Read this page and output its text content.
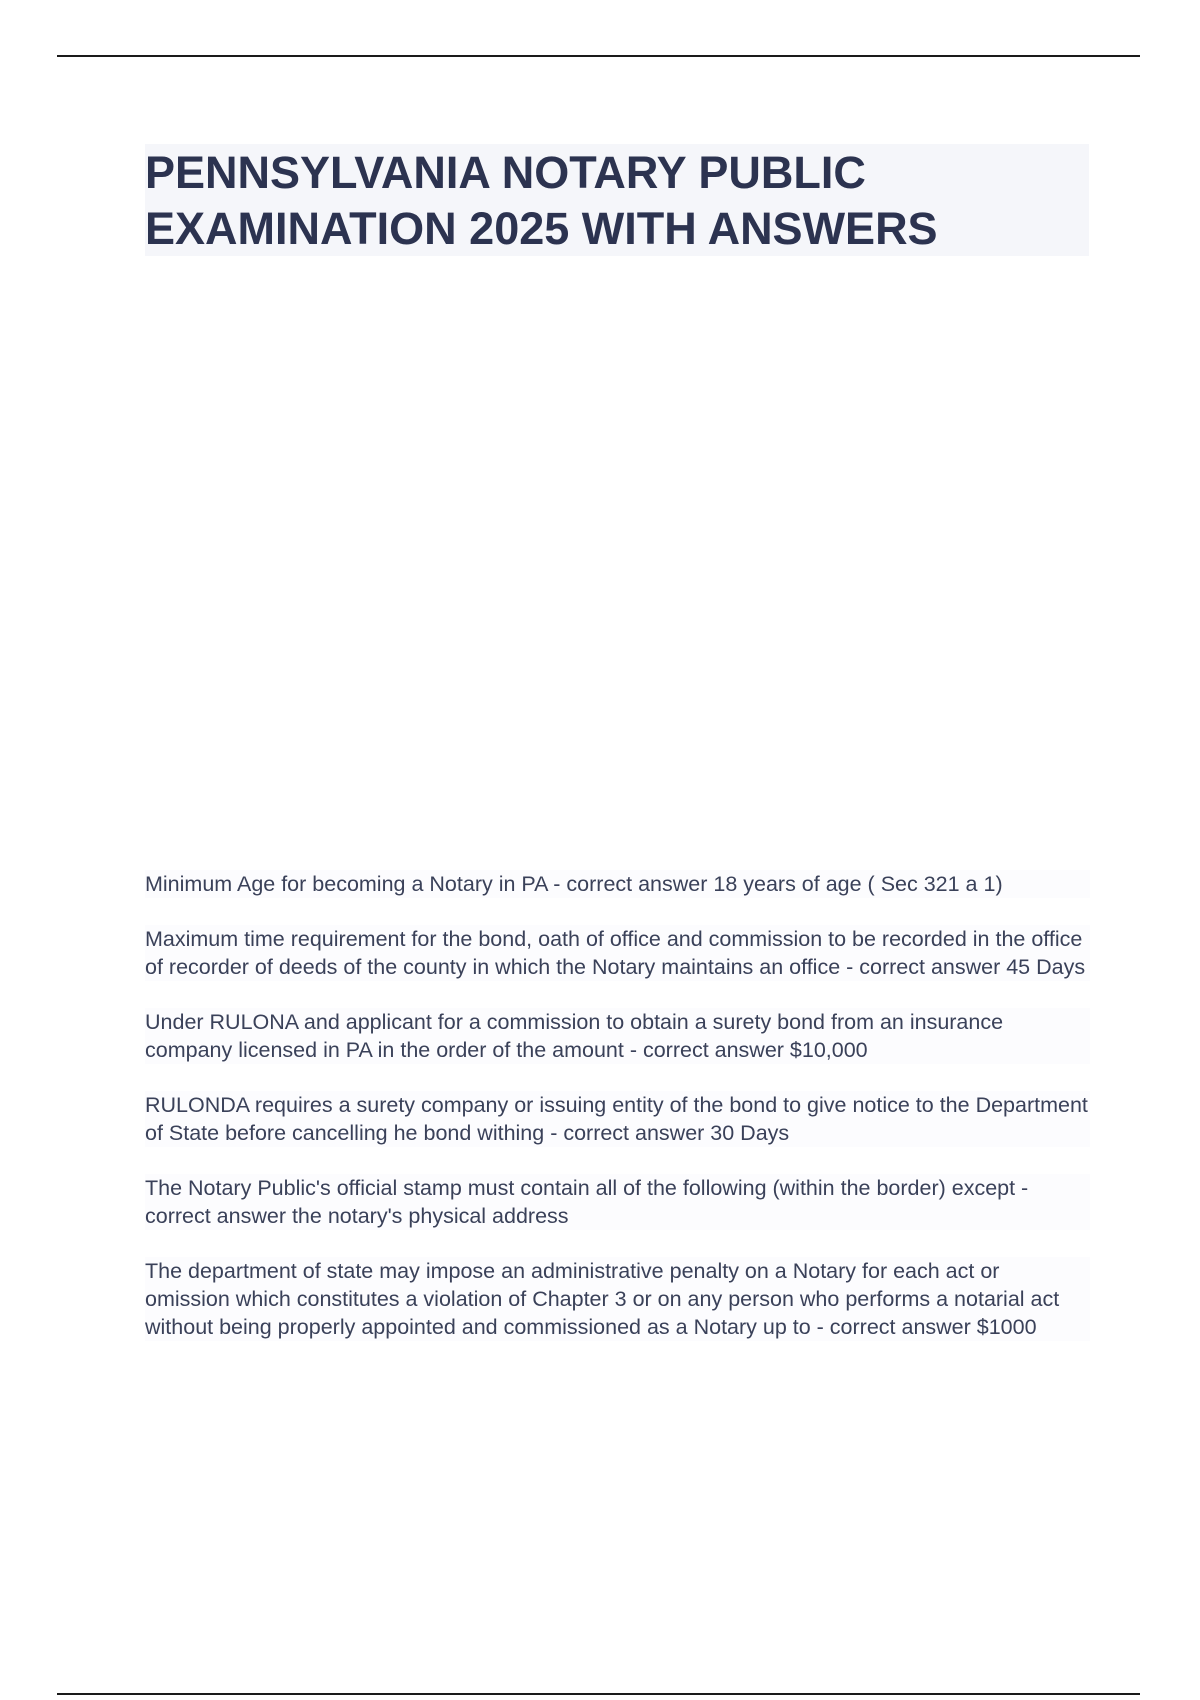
PENNSYLVANIA NOTARY PUBLIC
EXAMINATION 2025 WITH ANSWERS
Minimum Age for becoming a Notary in PA - correct answer 18 years of age ( Sec 321 a 1)
Maximum time requirement for the bond, oath of office and commission to be recorded in the office of recorder of deeds of the county in which the Notary maintains an office - correct answer 45 Days
Under RULONA and applicant for a commission to obtain a surety bond from an insurance company licensed in PA in the order of the amount - correct answer $10,000
RULONDA requires a surety company or issuing entity of the bond to give notice to the Department of State before cancelling he bond withing - correct answer 30 Days
The Notary Public's official stamp must contain all of the following (within the border) except - correct answer the notary's physical address
The department of state may impose an administrative penalty on a Notary for each act or omission which constitutes a violation of Chapter 3 or on any person who performs a notarial act without being properly appointed and commissioned as a Notary up to - correct answer $1000
